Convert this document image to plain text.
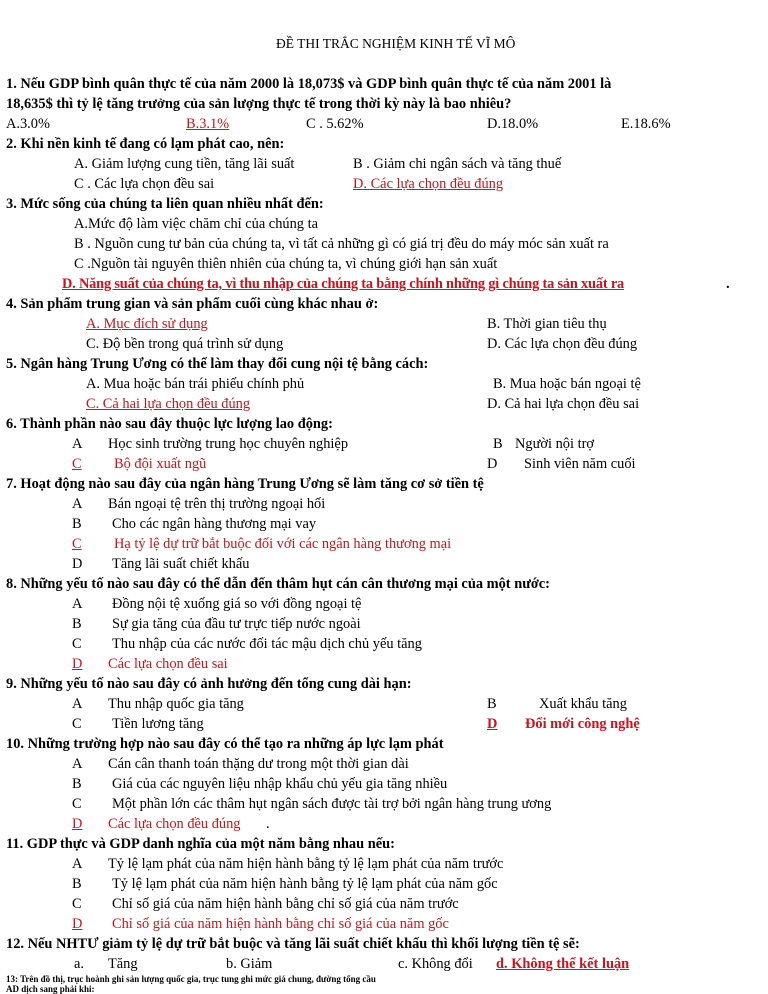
ĐỀ THI TRẮC NGHIỆM KINH TẾ VĨ MÔ
1. Nếu GDP bình quân thực tế của năm 2000 là 18,073$ và GDP bình quân thực tế của năm 2001 là
18,635$ thì tỷ lệ tăng trưởng của sản lượng thực tế trong thời kỳ này là bao nhiêu?
A.3.0%	B.3.1%	C . 5.62%	D.18.0%	E.18.6%
2. Khi nền kinh tế đang có lạm phát cao, nên:
A. Giảm lượng cung tiền, tăng lãi suất	B . Giảm chi ngân sách và tăng thuế
C . Các lựa chọn đều sai	D. Các lựa chọn đều đúng
3. Mức sống của chúng ta liên quan nhiều nhất đến:
A.Mức độ làm việc chăm chỉ của chúng ta
B . Nguồn cung tư bản của chúng ta, vì tất cả những gì có giá trị đều do máy móc sản xuất ra
C .Nguồn tài nguyên thiên nhiên của chúng ta, vì chúng giới hạn sản xuất
D. Năng suất của chúng ta, vì thu nhập của chúng ta bằng chính những gì chúng ta sản xuất ra	.
4. Sản phẩm trung gian và sản phẩm cuối cùng khác nhau ở:
A. Mục đích sử dụng	B. Thời gian tiêu thụ
C. Độ bền trong quá trình sử dụng	D. Các lựa chọn đều đúng
5. Ngân hàng Trung Ương có thể làm thay đổi cung nội tệ bằng cách:
A. Mua hoặc bán trái phiếu chính phủ	B. Mua hoặc bán ngoại tệ
C. Cả hai lựa chọn đều đúng	D. Cả hai lựa chọn đều sai
6. Thành phần nào sau đây thuộc lực lượng lao động:
A Học sinh trường trung học chuyên nghiệp	B Người nội trợ
C Bộ đội xuất ngũ	D Sinh viên năm cuối
7. Hoạt động nào sau đây của ngân hàng Trung Ương sẽ làm tăng cơ sở tiền tệ
A Bán ngoại tệ trên thị trường ngoại hối
B Cho các ngân hàng thương mại vay
C Hạ tỷ lệ dự trữ bắt buộc đối với các ngân hàng thương mại
D Tăng lãi suất chiết khấu
8. Những yếu tố nào sau đây có thể dẫn đến thâm hụt cán cân thương mại của một nước:
A Đồng nội tệ xuống giá so với đồng ngoại tệ
B Sự gia tăng của đầu tư trực tiếp nước ngoài
C Thu nhập của các nước đối tác mậu dịch chủ yếu tăng
D Các lựa chọn đều sai
9. Những yếu tố nào sau đây có ảnh hưởng đến tổng cung dài hạn:
A Thu nhập quốc gia tăng	B	Xuất khẩu tăng
C Tiền lương tăng	D Đổi mới công nghệ
10. Những trường hợp nào sau đây có thể tạo ra những áp lực lạm phát
A Cán cân thanh toán thặng dư trong một thời gian dài
B Giá của các nguyên liệu nhập khẩu chủ yếu gia tăng nhiều
C Một phần lớn các thâm hụt ngân sách được tài trợ bởi ngân hàng trung ương
D Các lựa chọn đều đúng .
11. GDP thực và GDP danh nghĩa của một năm bằng nhau nếu:
A Tỷ lệ lạm phát của năm hiện hành bằng tỷ lệ lạm phát của năm trước
B Tỷ lệ lạm phát của năm hiện hành bằng tỷ lệ lạm phát của năm gốc
C Chỉ số giá của năm hiện hành bằng chỉ số giá của năm trước
D Chỉ số giá của năm hiện hành bằng chỉ số giá của năm gốc
12. Nếu NHTƯ giảm tỷ lệ dự trữ bắt buộc và tăng lãi suất chiết khấu thì khối lượng tiền tệ sẽ:
a. Tăng	b. Giảm	c. Không đổi d. Không thể kết luận
13: Trên đồ thị, trục hoành ghi sản lượng quốc gia, trục tung ghi mức giá chung, đường tổng cầu
AD dịch sang phải khi:
